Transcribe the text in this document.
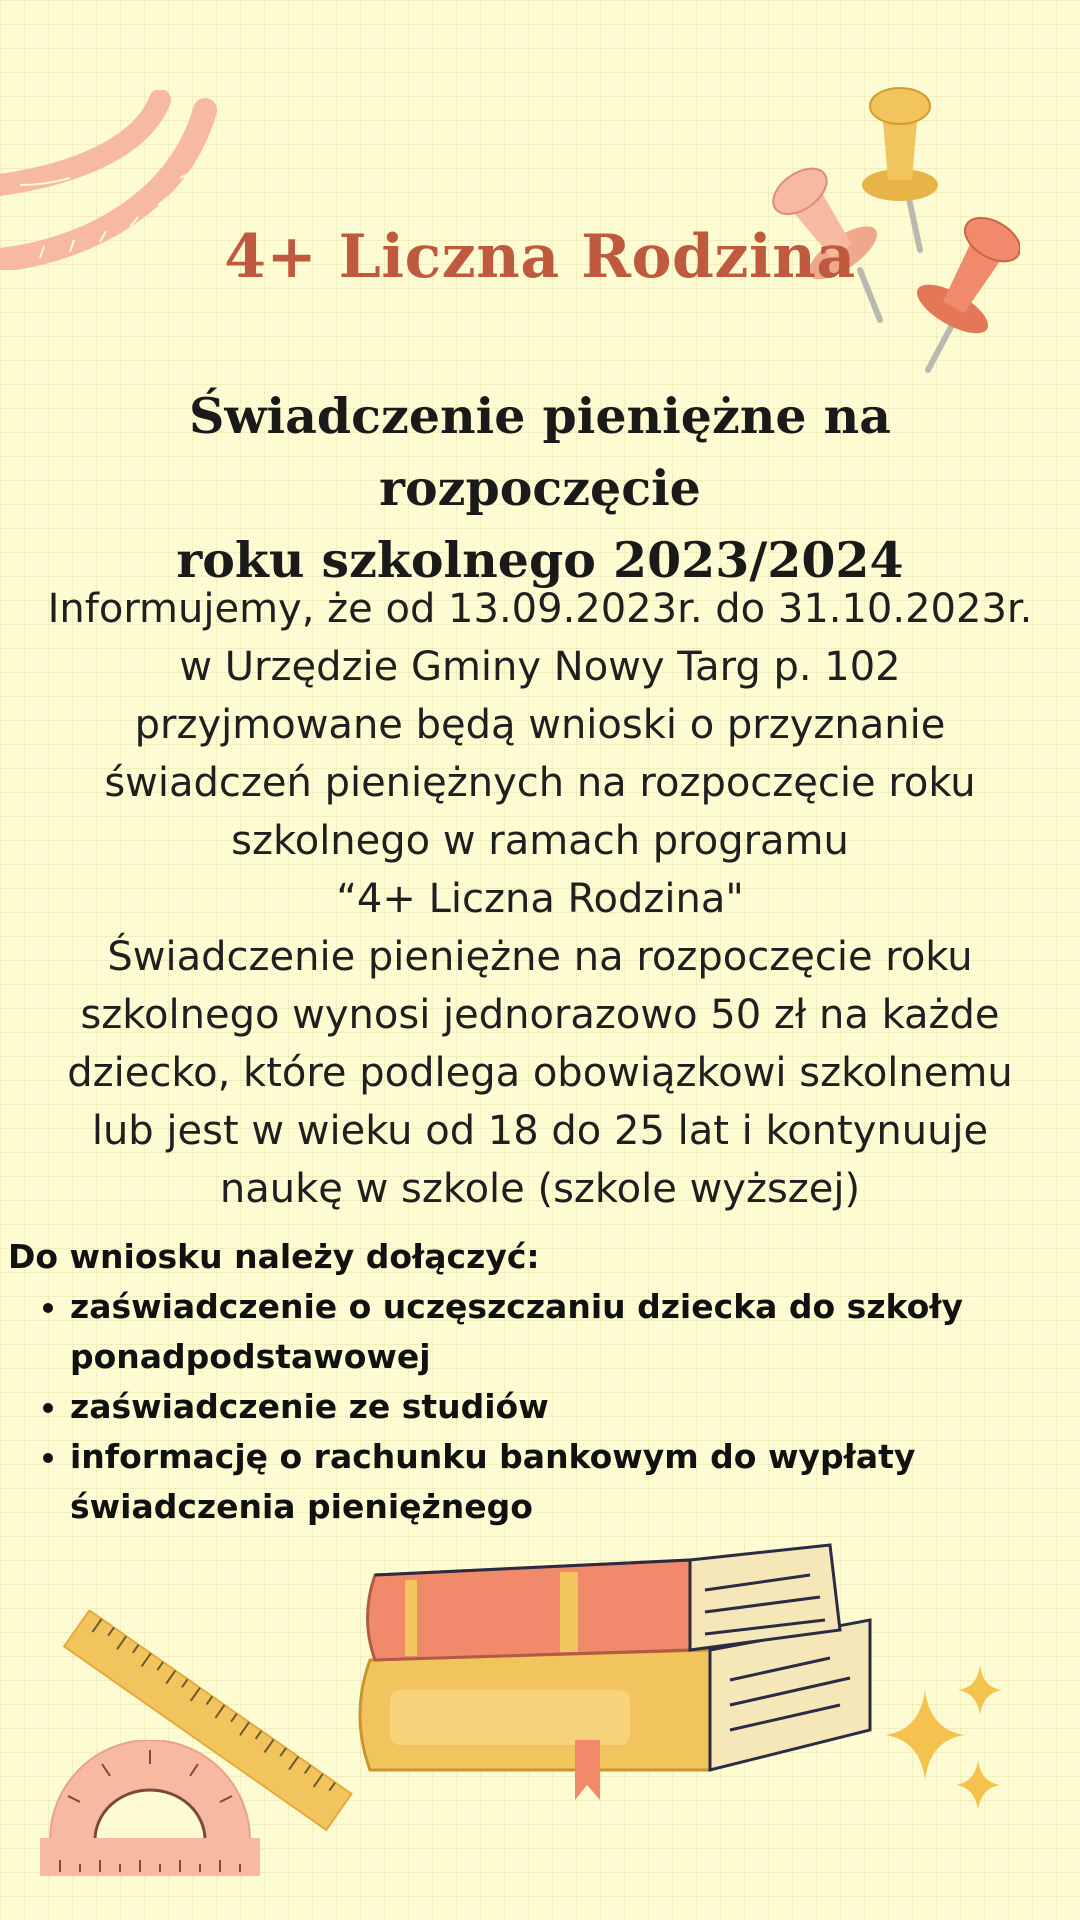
4+ Liczna Rodzina
Świadczenie pieniężne na rozpoczęcie
roku szkolnego 2023/2024
Informujemy, że od 13.09.2023r. do 31.10.2023r.
w Urzędzie Gminy Nowy Targ p. 102
przyjmowane będą wnioski o przyznanie
świadczeń pieniężnych na rozpoczęcie roku
szkolnego w ramach programu
“4+ Liczna Rodzina"
Świadczenie pieniężne na rozpoczęcie roku
szkolnego wynosi jednorazowo 50 zł na każde
dziecko, które podlega obowiązkowi szkolnemu
lub jest w wieku od 18 do 25 lat i kontynuuje
naukę w szkole (szkole wyższej)
Do wniosku należy dołączyć:
• zaświadczenie o uczęszczaniu dziecka do szkoły ponadpodstawowej
• zaświadczenie ze studiów
• informację o rachunku bankowym do wypłaty świadczenia pieniężnego
